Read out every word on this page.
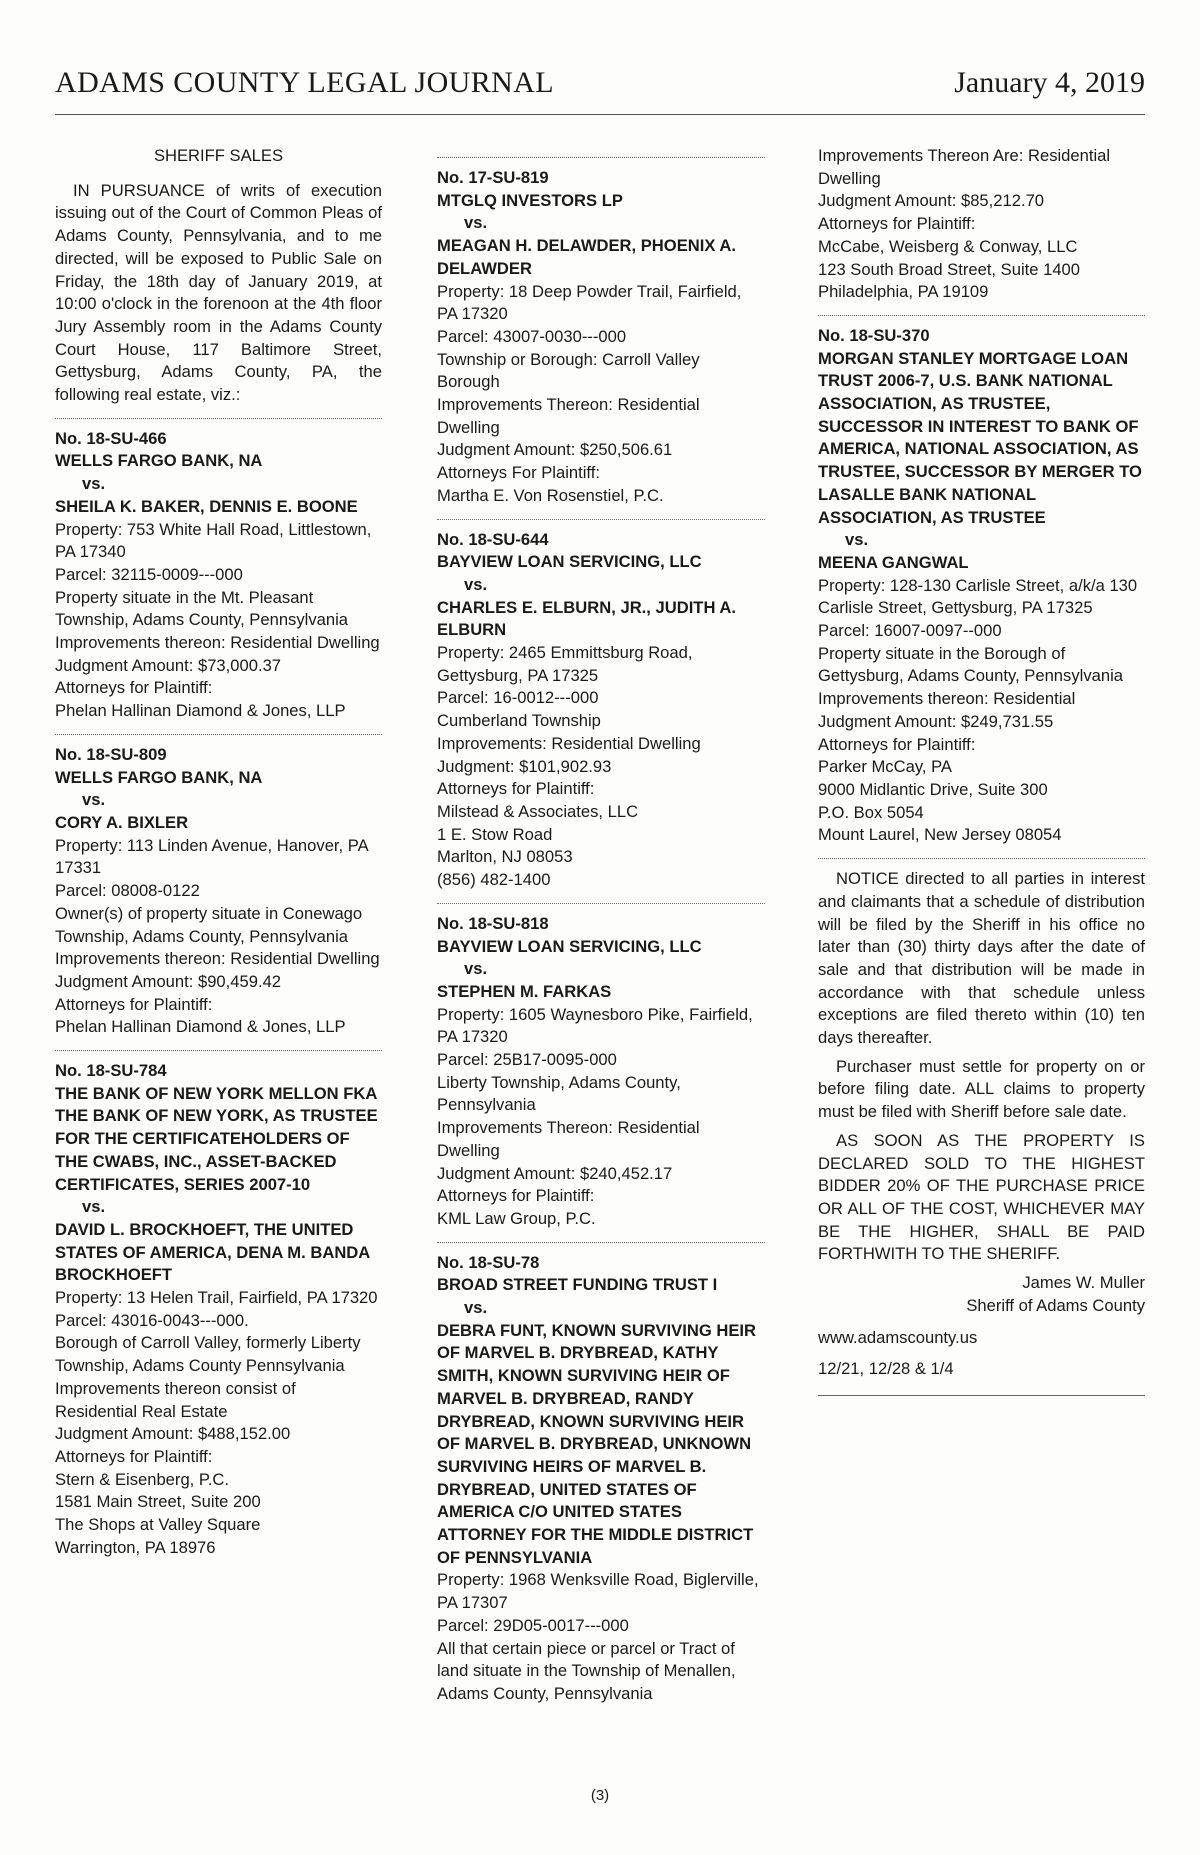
ADAMS COUNTY LEGAL JOURNAL	January 4, 2019
SHERIFF SALES

IN PURSUANCE of writs of execution issuing out of the Court of Common Pleas of Adams County, Pennsylvania, and to me directed, will be exposed to Public Sale on Friday, the 18th day of January 2019, at 10:00 o'clock in the forenoon at the 4th floor Jury Assembly room in the Adams County Court House, 117 Baltimore Street, Gettysburg, Adams County, PA, the following real estate, viz.:

No. 18-SU-466
WELLS FARGO BANK, NA
vs.
SHEILA K. BAKER, DENNIS E. BOONE
Property: 753 White Hall Road, Littlestown, PA 17340
Parcel: 32115-0009---000
Property situate in the Mt. Pleasant Township, Adams County, Pennsylvania
Improvements thereon: Residential Dwelling
Judgment Amount: $73,000.37
Attorneys for Plaintiff:
Phelan Hallinan Diamond & Jones, LLP
No. 18-SU-809
WELLS FARGO BANK, NA
vs.
CORY A. BIXLER
Property: 113 Linden Avenue, Hanover, PA 17331
Parcel: 08008-0122
Owner(s) of property situate in Conewago Township, Adams County, Pennsylvania
Improvements thereon: Residential Dwelling
Judgment Amount: $90,459.42
Attorneys for Plaintiff:
Phelan Hallinan Diamond & Jones, LLP
No. 18-SU-784
THE BANK OF NEW YORK MELLON FKA THE BANK OF NEW YORK, AS TRUSTEE FOR THE CERTIFICATEHOLDERS OF THE CWABS, INC., ASSET-BACKED CERTIFICATES, SERIES 2007-10
vs.
DAVID L. BROCKHOEFT, THE UNITED STATES OF AMERICA, DENA M. BANDA BROCKHOEFT
Property: 13 Helen Trail, Fairfield, PA 17320
Parcel: 43016-0043---000.
Borough of Carroll Valley, formerly Liberty Township, Adams County Pennsylvania
Improvements thereon consist of Residential Real Estate
Judgment Amount: $488,152.00
Attorneys for Plaintiff:
Stern & Eisenberg, P.C.
1581 Main Street, Suite 200
The Shops at Valley Square
Warrington, PA 18976
No. 17-SU-819
MTGLQ INVESTORS LP
vs.
MEAGAN H. DELAWDER, PHOENIX A. DELAWDER
Property: 18 Deep Powder Trail, Fairfield, PA 17320
Parcel: 43007-0030---000
Township or Borough: Carroll Valley Borough
Improvements Thereon: Residential Dwelling
Judgment Amount: $250,506.61
Attorneys For Plaintiff:
Martha E. Von Rosenstiel, P.C.
No. 18-SU-644
BAYVIEW LOAN SERVICING, LLC
vs.
CHARLES E. ELBURN, JR., JUDITH A. ELBURN
Property: 2465 Emmittsburg Road, Gettysburg, PA 17325
Parcel: 16-0012---000
Cumberland Township
Improvements: Residential Dwelling
Judgment: $101,902.93
Attorneys for Plaintiff:
Milstead & Associates, LLC
1 E. Stow Road
Marlton, NJ 08053
(856) 482-1400
No. 18-SU-818
BAYVIEW LOAN SERVICING, LLC
vs.
STEPHEN M. FARKAS
Property: 1605 Waynesboro Pike, Fairfield, PA 17320
Parcel: 25B17-0095-000
Liberty Township, Adams County, Pennsylvania
Improvements Thereon: Residential Dwelling
Judgment Amount: $240,452.17
Attorneys for Plaintiff:
KML Law Group, P.C.
No. 18-SU-78
BROAD STREET FUNDING TRUST I
vs.
DEBRA FUNT, KNOWN SURVIVING HEIR OF MARVEL B. DRYBREAD, KATHY SMITH, KNOWN SURVIVING HEIR OF MARVEL B. DRYBREAD, RANDY DRYBREAD, KNOWN SURVIVING HEIR OF MARVEL B. DRYBREAD, UNKNOWN SURVIVING HEIRS OF MARVEL B. DRYBREAD, UNITED STATES OF AMERICA C/O UNITED STATES ATTORNEY FOR THE MIDDLE DISTRICT OF PENNSYLVANIA
Property: 1968 Wenksville Road, Biglerville, PA 17307
Parcel: 29D05-0017---000
All that certain piece or parcel or Tract of land situate in the Township of Menallen, Adams County, Pennsylvania
Improvements Thereon Are: Residential Dwelling
Judgment Amount: $85,212.70
Attorneys for Plaintiff:
McCabe, Weisberg & Conway, LLC
123 South Broad Street, Suite 1400
Philadelphia, PA 19109
No. 18-SU-370
MORGAN STANLEY MORTGAGE LOAN TRUST 2006-7, U.S. BANK NATIONAL ASSOCIATION, AS TRUSTEE, SUCCESSOR IN INTEREST TO BANK OF AMERICA, NATIONAL ASSOCIATION, AS TRUSTEE, SUCCESSOR BY MERGER TO LASALLE BANK NATIONAL ASSOCIATION, AS TRUSTEE
vs.
MEENA GANGWAL
Property: 128-130 Carlisle Street, a/k/a 130 Carlisle Street, Gettysburg, PA 17325
Parcel: 16007-0097--000
Property situate in the Borough of Gettysburg, Adams County, Pennsylvania
Improvements thereon: Residential
Judgment Amount: $249,731.55
Attorneys for Plaintiff:
Parker McCay, PA
9000 Midlantic Drive, Suite 300
P.O. Box 5054
Mount Laurel, New Jersey 08054

NOTICE directed to all parties in interest and claimants that a schedule of distribution will be filed by the Sheriff in his office no later than (30) thirty days after the date of sale and that distribution will be made in accordance with that schedule unless exceptions are filed thereto within (10) ten days thereafter.

Purchaser must settle for property on or before filing date. ALL claims to property must be filed with Sheriff before sale date.

AS SOON AS THE PROPERTY IS DECLARED SOLD TO THE HIGHEST BIDDER 20% OF THE PURCHASE PRICE OR ALL OF THE COST, WHICHEVER MAY BE THE HIGHER, SHALL BE PAID FORTHWITH TO THE SHERIFF.

James W. Muller
Sheriff of Adams County
www.adamscounty.us
12/21, 12/28 & 1/4
(3)
